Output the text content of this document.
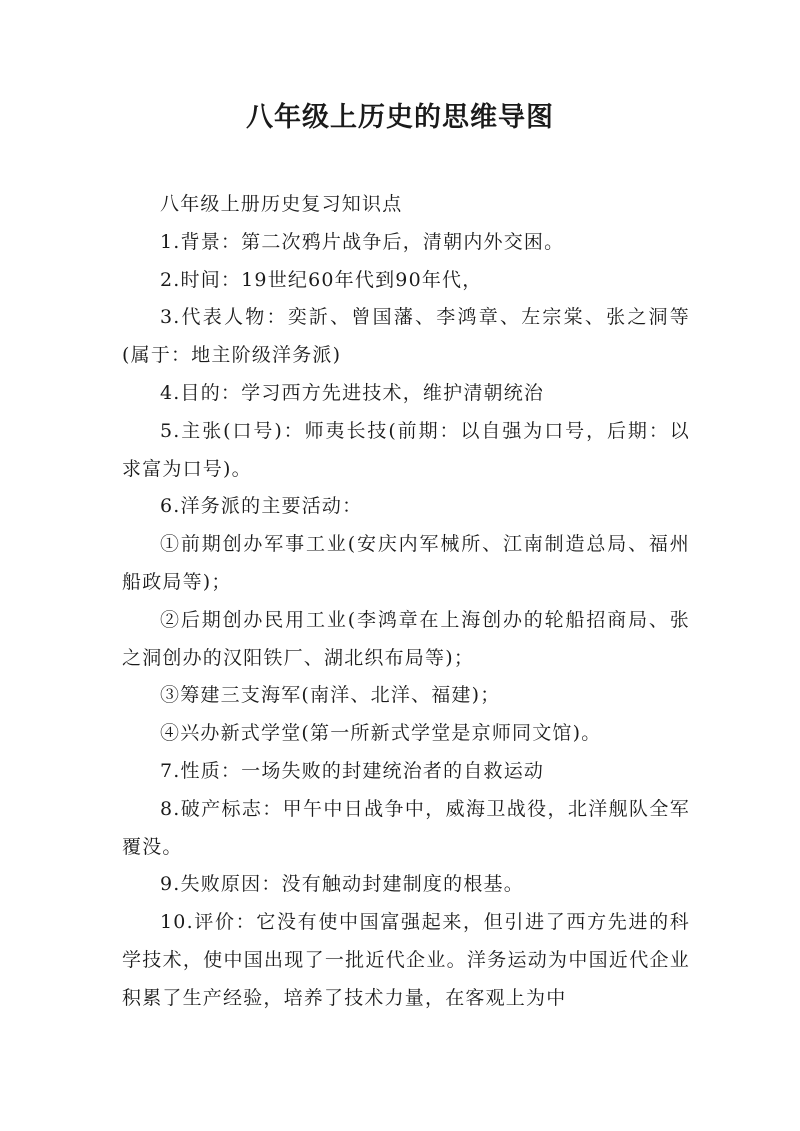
八年级上历史的思维导图

八年级上册历史复习知识点

1.背景：第二次鸦片战争后，清朝内外交困。

2.时间：19世纪60年代到90年代，

3.代表人物：奕訢、曾国藩、李鸿章、左宗棠、张之洞等(属于：地主阶级洋务派)

4.目的：学习西方先进技术，维护清朝统治

5.主张(口号)：师夷长技(前期：以自强为口号，后期：以求富为口号)。

6.洋务派的主要活动：

①前期创办军事工业(安庆内军械所、江南制造总局、福州船政局等)；

②后期创办民用工业(李鸿章在上海创办的轮船招商局、张之洞创办的汉阳铁厂、湖北织布局等)；

③筹建三支海军(南洋、北洋、福建)；

④兴办新式学堂(第一所新式学堂是京师同文馆)。

7.性质：一场失败的封建统治者的自救运动

8.破产标志：甲午中日战争中，威海卫战役，北洋舰队全军覆没。

9.失败原因：没有触动封建制度的根基。

10.评价：它没有使中国富强起来，但引进了西方先进的科学技术，使中国出现了一批近代企业。洋务运动为中国近代企业积累了生产经验，培养了技术力量，在客观上为中
